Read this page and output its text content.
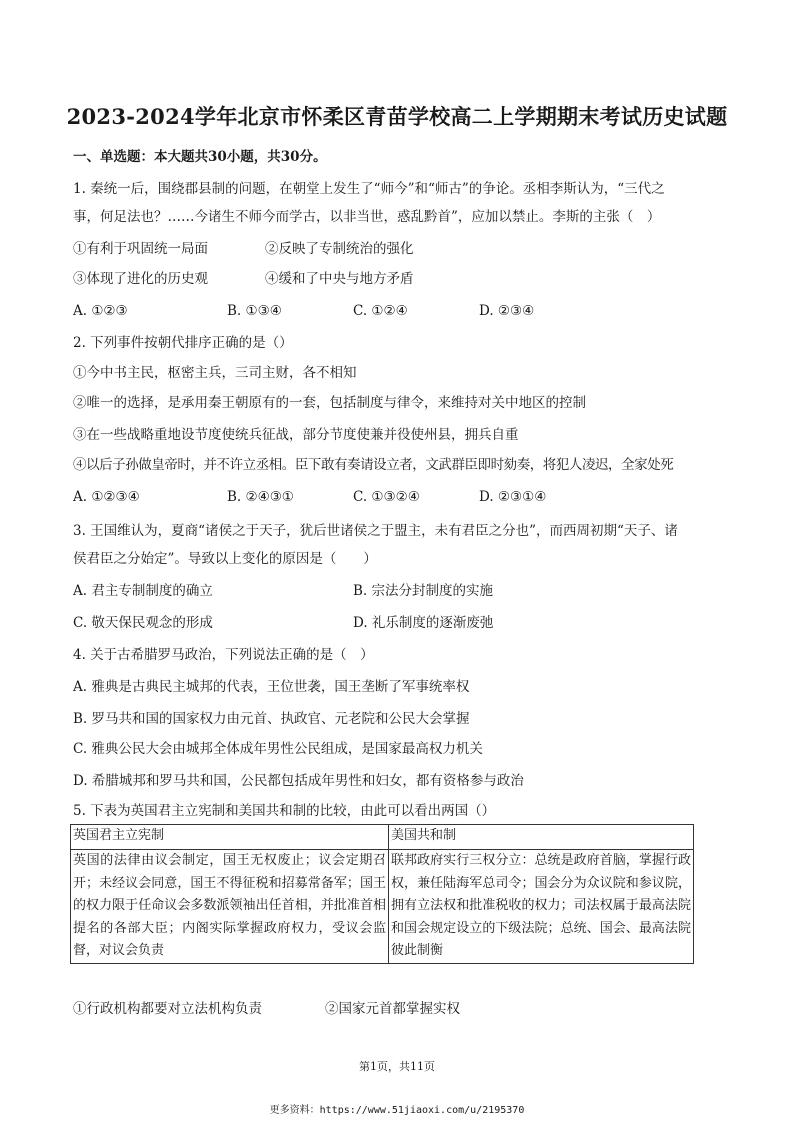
2023-2024学年北京市怀柔区青苗学校高二上学期期末考试历史试题
一、单选题：本大题共30小题，共30分。
1. 秦统一后，围绕郡县制的问题，在朝堂上发生了“师今”和“师古”的争论。丞相李斯认为，“三代之
事，何足法也？……今诸生不师今而学古，以非当世，惑乱黔首”，应加以禁止。李斯的主张（　）
①有利于巩固统一局面	②反映了专制统治的强化
③体现了进化的历史观	④缓和了中央与地方矛盾
A. ①②③	B. ①③④	C. ①②④	D. ②③④
2. 下列事件按朝代排序正确的是（）
①今中书主民，枢密主兵，三司主财，各不相知
②唯一的选择，是承用秦王朝原有的一套，包括制度与律令，来维持对关中地区的控制
③在一些战略重地设节度使统兵征战，部分节度使兼并役使州县，拥兵自重
④以后子孙做皇帝时，并不许立丞相。臣下敢有奏请设立者，文武群臣即时劾奏，将犯人凌迟，全家处死
A. ①②③④	B. ②④③①	C. ①③②④	D. ②③①④
3. 王国维认为，夏商“诸侯之于天子，犹后世诸侯之于盟主，未有君臣之分也”，而西周初期“天子、诸
侯君臣之分始定”。导致以上变化的原因是（　　）
A. 君主专制制度的确立	B. 宗法分封制度的实施
C. 敬天保民观念的形成	D. 礼乐制度的逐渐废弛
4. 关于古希腊罗马政治，下列说法正确的是（　）
A. 雅典是古典民主城邦的代表，王位世袭，国王垄断了军事统率权
B. 罗马共和国的国家权力由元首、执政官、元老院和公民大会掌握
C. 雅典公民大会由城邦全体成年男性公民组成，是国家最高权力机关
D. 希腊城邦和罗马共和国，公民都包括成年男性和妇女，都有资格参与政治
5. 下表为英国君主立宪制和美国共和制的比较，由此可以看出两国（）
英国君主立宪制	美国共和制
英国的法律由议会制定，国王无权废止；议会定期召开；未经议会同意，国王不得征税和招募常备军；国王的权力限于任命议会多数派领袖出任首相，并批准首相提名的各部大臣；内阁实际掌握政府权力，受议会监督，对议会负责	联邦政府实行三权分立：总统是政府首脑，掌握行政权，兼任陆海军总司令；国会分为众议院和参议院，拥有立法权和批准税收的权力；司法权属于最高法院和国会规定设立的下级法院；总统、国会、最高法院彼此制衡
①行政机构都要对立法机构负责	②国家元首都掌握实权
第1页，共11页
更多资料：https://www.51jiaoxi.com/u/2195370
